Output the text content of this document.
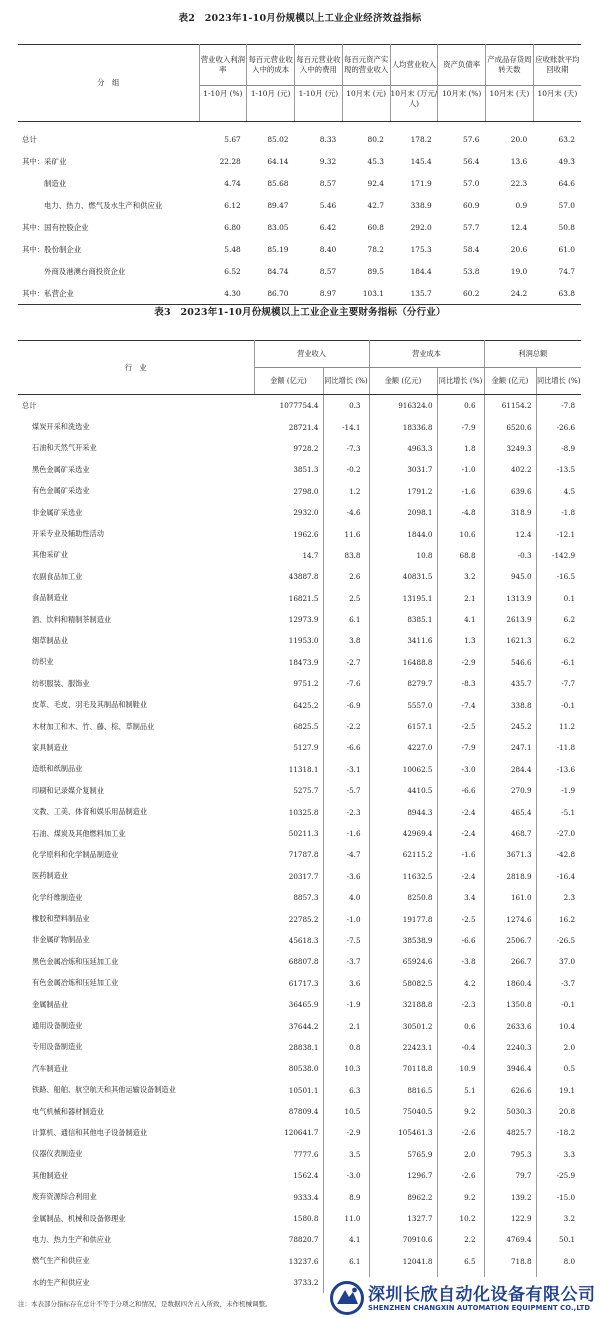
表2　2023年1-10月份规模以上工业企业经济效益指标
分　组	营业收入利润率	每百元营业收入中的成本	每百元营业收入中的费用	每百元资产实现的营业收入	人均营业收入	资产负债率	产成品存货周转天数	应收账款平均回收期
	1-10月 (%)	1-10月 (元)	1-10月 (元)	10月末 (元)	10月末 (万元/人)	10月末 (%)	10月末 (天)	10月末 (天)
总计	5.67	85.02	8.33	80.2	178.2	57.6	20.0	63.2
其中：采矿业	22.28	64.14	9.32	45.3	145.4	56.4	13.6	49.3
制造业	4.74	85.68	8.57	92.4	171.9	57.0	22.3	64.6
电力、热力、燃气及水生产和供应业	6.12	89.47	5.46	42.7	338.9	60.9	0.9	57.0
其中：国有控股企业	6.80	83.05	6.42	60.8	292.0	57.7	12.4	50.8
其中：股份制企业	5.48	85.19	8.40	78.2	175.3	58.4	20.6	61.0
外商及港澳台商投资企业	6.52	84.74	8.57	89.5	184.4	53.8	19.0	74.7
其中：私营企业	4.30	86.70	8.97	103.1	135.7	60.2	24.2	63.8
表3　2023年1-10月份规模以上工业企业主要财务指标（分行业）
行　业	营业收入		营业成本		利润总额	
	金额 (亿元)	同比增长 (%)	金额 (亿元)	同比增长 (%)	金额 (亿元)	同比增长 (%)
总计	1077754.4	0.3	916324.0	0.6	61154.2	-7.8
煤炭开采和洗选业	28721.4	-14.1	18336.8	-7.9	6520.6	-26.6
石油和天然气开采业	9728.2	-7.3	4963.3	1.8	3249.3	-8.9
黑色金属矿采选业	3851.3	-0.2	3031.7	-1.0	402.2	-13.5
有色金属矿采选业	2798.0	1.2	1791.2	-1.6	639.6	4.5
非金属矿采选业	2932.0	-4.6	2098.1	-4.8	318.9	-1.8
开采专业及辅助性活动	1962.6	11.6	1844.0	10.6	12.4	-12.1
其他采矿业	14.7	83.8	10.8	68.8	-0.3	-142.9
农副食品加工业	43887.8	2.6	40831.5	3.2	945.0	-16.5
食品制造业	16821.5	2.5	13195.1	2.1	1313.9	0.1
酒、饮料和精制茶制造业	12973.9	6.1	8385.1	4.1	2613.9	6.2
烟草制品业	11953.0	3.8	3411.6	1.3	1621.3	6.2
纺织业	18473.9	-2.7	16488.8	-2.9	546.6	-6.1
纺织服装、服饰业	9751.2	-7.6	8279.7	-8.3	435.7	-7.7
皮革、毛皮、羽毛及其制品和制鞋业	6425.2	-6.9	5557.0	-7.4	338.8	-0.1
木材加工和木、竹、藤、棕、草制品业	6825.5	-2.2	6157.1	-2.5	245.2	11.2
家具制造业	5127.9	-6.6	4227.0	-7.9	247.1	-11.8
造纸和纸制品业	11318.1	-3.1	10062.5	-3.0	284.4	-13.6
印刷和记录媒介复制业	5275.7	-5.7	4410.5	-6.6	270.9	-1.9
文教、工美、体育和娱乐用品制造业	10325.8	-2.3	8944.3	-2.4	465.4	-5.1
石油、煤炭及其他燃料加工业	50211.3	-1.6	42969.4	-2.4	468.7	-27.0
化学原料和化学制品制造业	71787.8	-4.7	62115.2	-1.6	3671.3	-42.8
医药制造业	20317.7	-3.6	11632.5	-2.4	2818.9	-16.4
化学纤维制造业	8857.3	4.0	8250.8	3.4	161.0	2.3
橡胶和塑料制品业	22785.2	-1.0	19177.8	-2.5	1274.6	16.2
非金属矿物制品业	45618.3	-7.5	38538.9	-6.6	2506.7	-26.5
黑色金属冶炼和压延加工业	68807.8	-3.7	65924.6	-3.8	266.7	37.0
有色金属冶炼和压延加工业	61717.3	3.6	58082.5	4.2	1860.4	-3.7
金属制品业	36465.9	-1.9	32188.8	-2.3	1350.8	-0.1
通用设备制造业	37644.2	2.1	30501.2	0.6	2633.6	10.4
专用设备制造业	28838.1	0.8	22423.1	-0.4	2240.3	2.0
汽车制造业	80538.0	10.3	70118.8	10.9	3946.4	0.5
铁路、船舶、航空航天和其他运输设备制造业	10501.1	6.3	8816.5	5.1	626.6	19.1
电气机械和器材制造业	87809.4	10.5	75040.5	9.2	5030.3	20.8
计算机、通信和其他电子设备制造业	120641.7	-2.9	105461.3	-2.6	4825.7	-18.2
仪器仪表制造业	7777.6	3.5	5765.9	2.0	795.3	3.3
其他制造业	1562.4	-3.0	1296.7	-2.6	79.7	-25.9
废弃资源综合利用业	9333.4	8.9	8962.2	9.2	139.2	-15.0
金属制品、机械和设备修理业	1580.8	11.0	1327.7	10.2	122.9	3.2
电力、热力生产和供应业	78820.7	4.1	70910.6	2.2	4769.4	50.1
燃气生产和供应业	13237.6	6.1	12041.8	6.5	718.8	8.0
水的生产和供应业	3733.2					
注：本表部分指标存在总计不等于分项之和情况，是数据四舍五入所致，未作机械调整。	深圳长欣自动化设备有限公司
SHENZHEN CHANGXIN AUTOMATION EQUIPMENT CO.,LTD
